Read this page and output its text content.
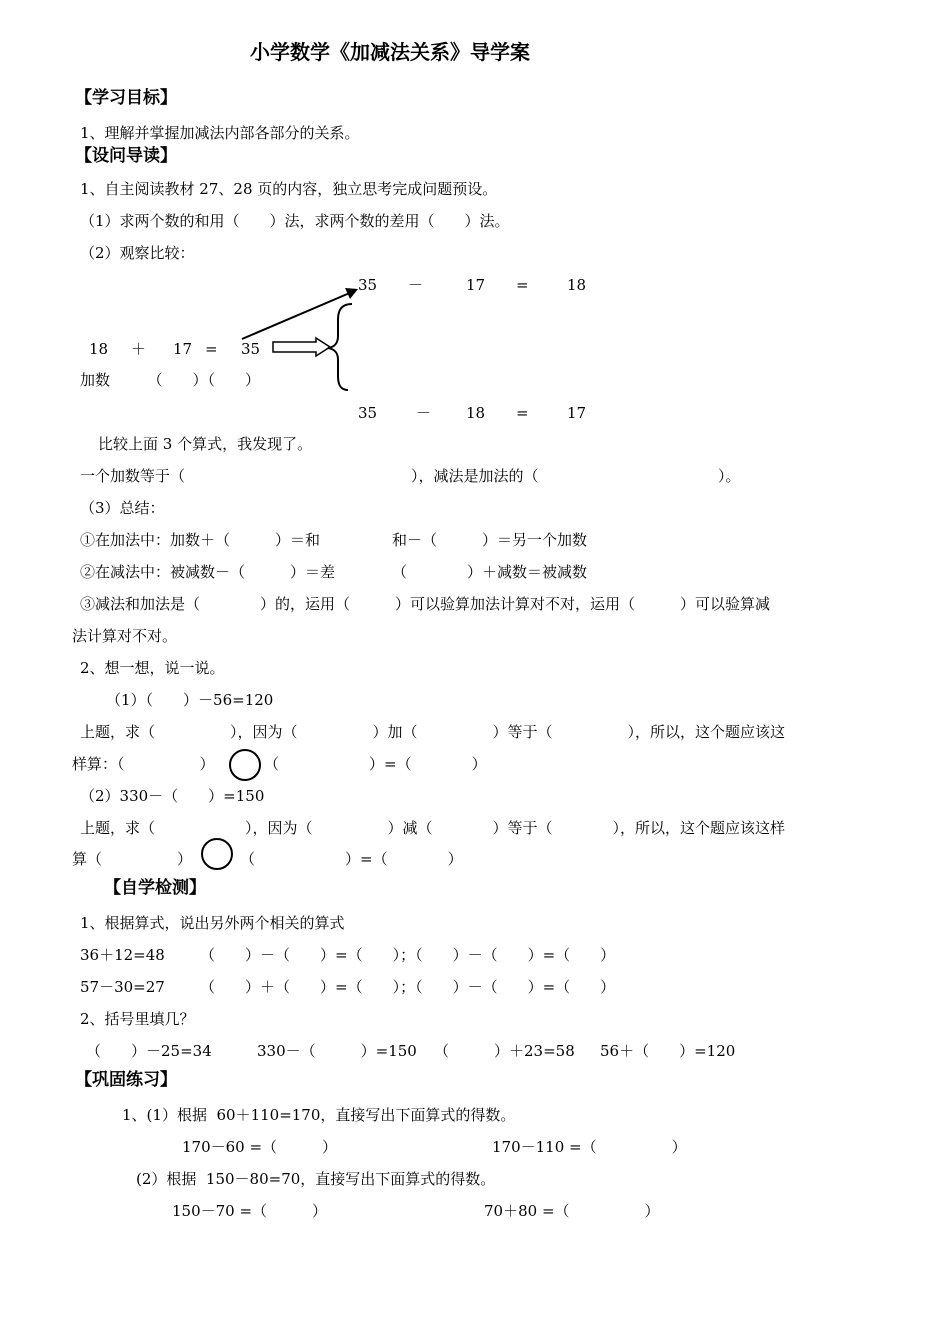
小学数学《加减法关系》导学案
【学习目标】
1、理解并掌握加减法内部各部分的关系。
【设问导读】
1、自主阅读教材 27、28 页的内容，独立思考完成问题预设。
（1）求两个数的和用（　　）法，求两个数的差用（　　）法。
（2）观察比较：
35 －	17 =	18
18 ＋ 17 = 35
加数　　　（　　）（　　）
35	－ 18 =	17
比较上面 3 个算式，我发现了。
一个加数等于（	），减法是加法的（	）。
（3）总结：
①在加法中：加数＋（　　　）＝和	和－（　　　）＝另一个加数
②在减法中：被减数－（　　　）＝差	（　　　　）＋减数＝被减数
③减法和加法是（　　　　）的，运用（　　　）可以验算加法计算对不对，运用（　　　）可以验算减
法计算对不对。
2、想一想，说一说。
（1）（　　）－56=120
上题，求（　　　　　），因为（　　　　　）加（　　　　　）等于（　　　　　），所以，这个题应该这
样算：（　　　　　）	（　　　　　　）=（　　　　）
（2）330－（　　）=150
上题，求（　　　　　　），因为（　　　　　）减（　　　　）等于（　　　　），所以，这个题应该这样
算（　　　　　）	（　　　　　　）=（　　　　）
【自学检测】
1、根据算式，说出另外两个相关的算式
36＋12=48 （　　）－（　　）=（　　）；（　　）－（　　）=（　　）
57－30=27 （　　）＋（　　）=（　　）；（　　）－（　　）=（　　）
2、括号里填几？
（　　）－25=34	330－（　　　）=150 （　　　）＋23=58 56＋（　　）=120
【巩固练习】
1、(1）根据  60＋110=170，直接写出下面算式的得数。
170－60 =（　　　）	170－110 =（　　　　　）
(2）根据  150－80=70，直接写出下面算式的得数。
150－70 =（　　　）	70＋80 =（　　　　　）
